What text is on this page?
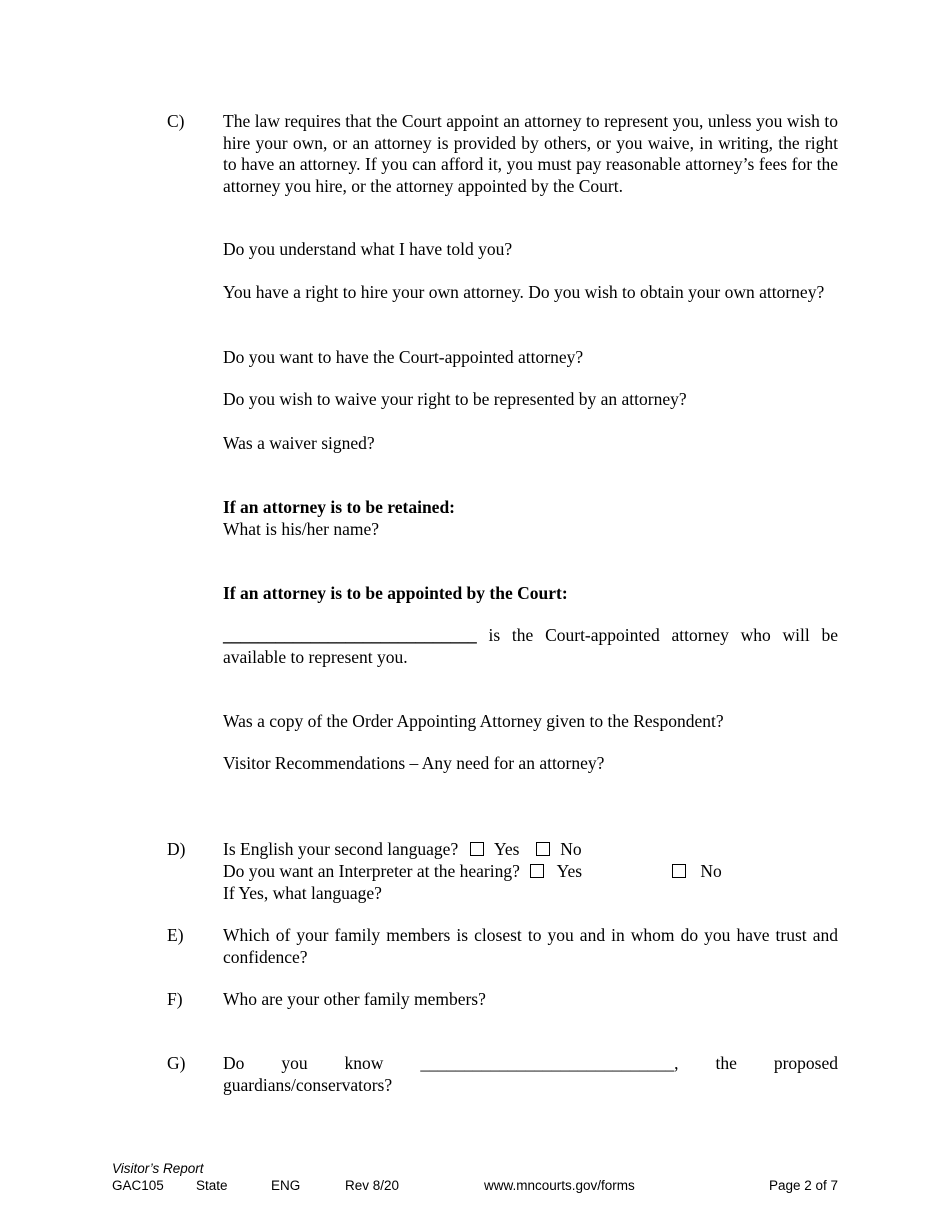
C) The law requires that the Court appoint an attorney to represent you, unless you wish to hire your own, or an attorney is provided by others, or you waive, in writing, the right to have an attorney. If you can afford it, you must pay reasonable attorney’s fees for the attorney you hire, or the attorney appointed by the Court.
Do you understand what I have told you?
You have a right to hire your own attorney. Do you wish to obtain your own attorney?
Do you want to have the Court-appointed attorney?
Do you wish to waive your right to be represented by an attorney?
Was a waiver signed?
If an attorney is to be retained:
What is his/her name?
If an attorney is to be appointed by the Court:
_____________________________ is the Court-appointed attorney who will be available to represent you.
Was a copy of the Order Appointing Attorney given to the Respondent?
Visitor Recommendations – Any need for an attorney?
D) Is English your second language? Yes No
Do you want an Interpreter at the hearing? Yes	No
If Yes, what language?
E) Which of your family members is closest to you and in whom do you have trust and confidence?
F) Who are your other family members?
G) Do you know _____________________________, the proposed
guardians/conservators?
Visitor’s Report
GAC105 State	ENG	Rev 8/20	www.mncourts.gov/forms	Page 2 of 7
